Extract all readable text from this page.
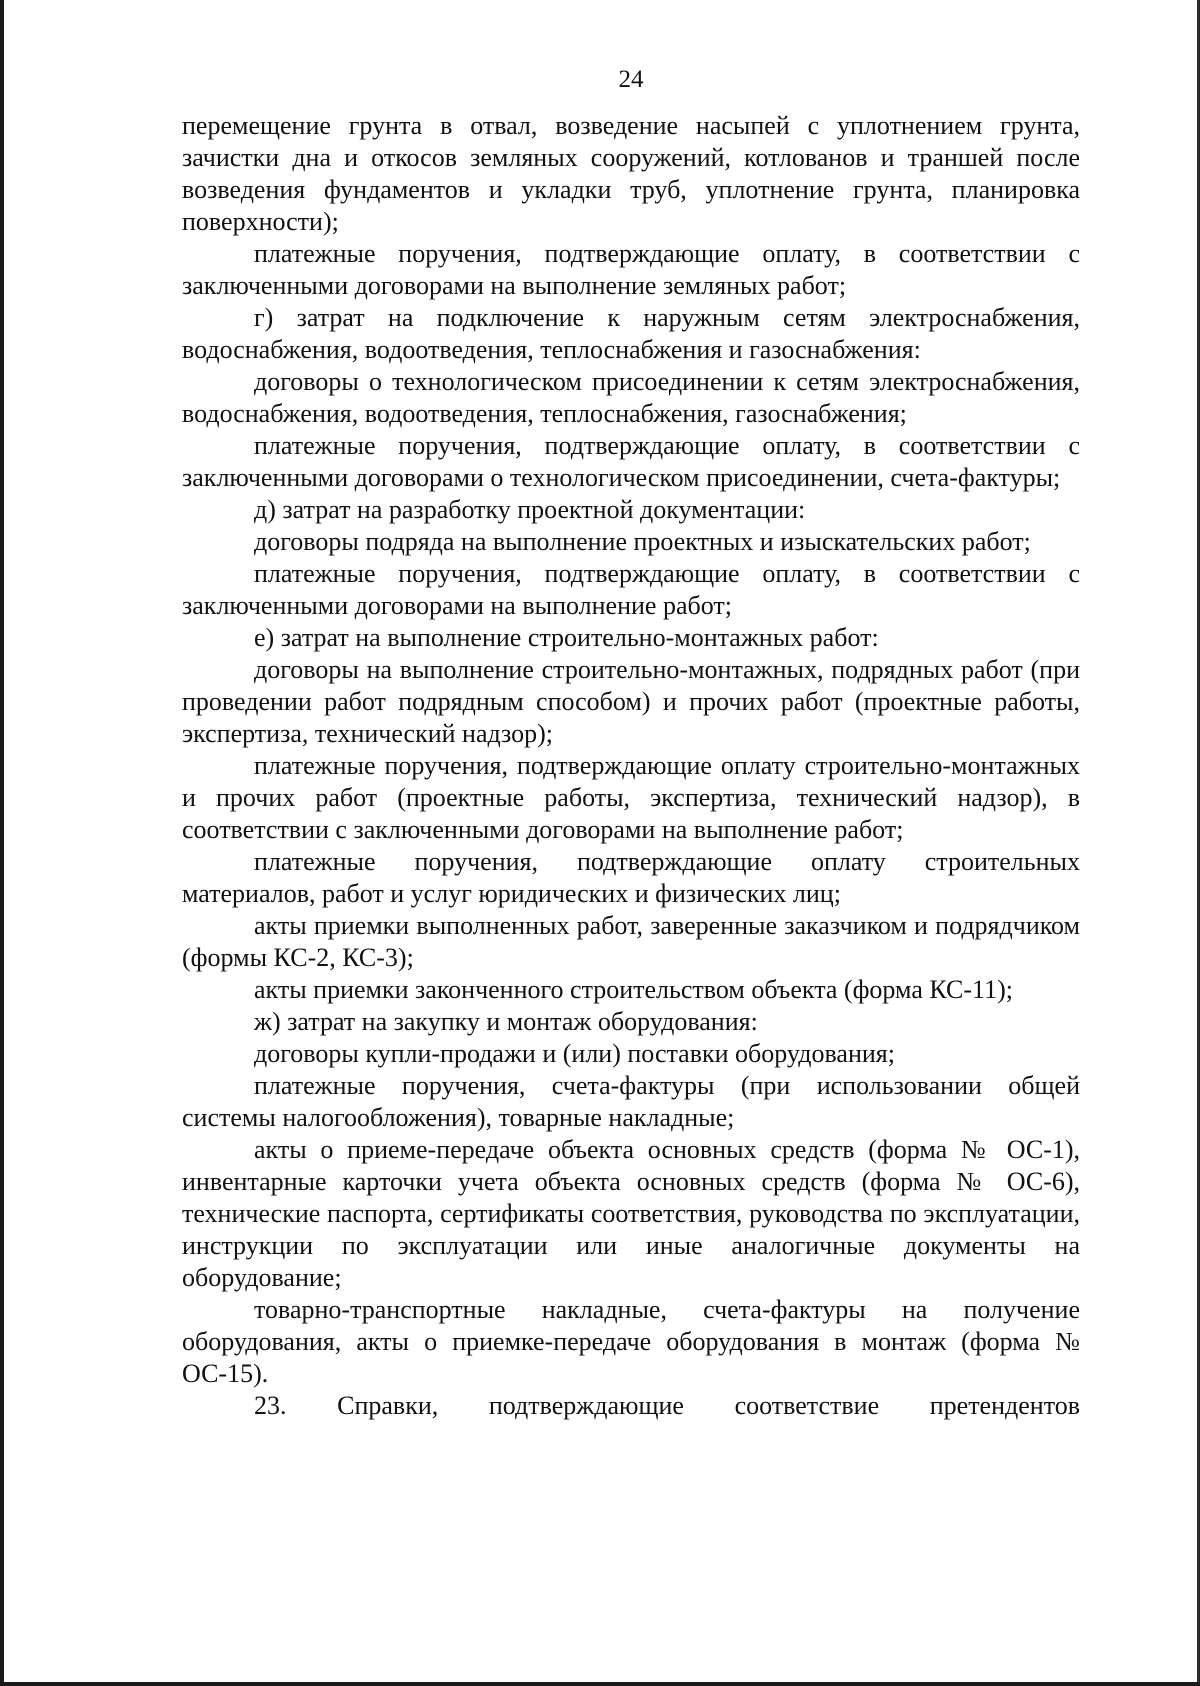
24

перемещение грунта в отвал, возведение насыпей с уплотнением грунта, зачистки дна и откосов земляных сооружений, котлованов и траншей после возведения фундаментов и укладки труб, уплотнение грунта, планировка поверхности);

платежные поручения, подтверждающие оплату, в соответствии с заключенными договорами на выполнение земляных работ;

г) затрат на подключение к наружным сетям электроснабжения, водоснабжения, водоотведения, теплоснабжения и газоснабжения:

договоры о технологическом присоединении к сетям электроснабжения, водоснабжения, водоотведения, теплоснабжения, газоснабжения;

платежные поручения, подтверждающие оплату, в соответствии с заключенными договорами о технологическом присоединении, счета-фактуры;

д) затрат на разработку проектной документации:

договоры подряда на выполнение проектных и изыскательских работ;

платежные поручения, подтверждающие оплату, в соответствии с заключенными договорами на выполнение работ;

е) затрат на выполнение строительно-монтажных работ:

договоры на выполнение строительно-монтажных, подрядных работ (при проведении работ подрядным способом) и прочих работ (проектные работы, экспертиза, технический надзор);

платежные поручения, подтверждающие оплату строительно-монтажных и прочих работ (проектные работы, экспертиза, технический надзор), в соответствии с заключенными договорами на выполнение работ;

платежные поручения, подтверждающие оплату строительных материалов, работ и услуг юридических и физических лиц;

акты приемки выполненных работ, заверенные заказчиком и подрядчиком (формы КС-2, КС-3);

акты приемки законченного строительством объекта (форма КС-11);

ж) затрат на закупку и монтаж оборудования:

договоры купли-продажи и (или) поставки оборудования;

платежные поручения, счета-фактуры (при использовании общей системы налогообложения), товарные накладные;

акты о приеме-передаче объекта основных средств (форма № ОС-1), инвентарные карточки учета объекта основных средств (форма № ОС-6), технические паспорта, сертификаты соответствия, руководства по эксплуатации, инструкции по эксплуатации или иные аналогичные документы на оборудование;

товарно-транспортные накладные, счета-фактуры на получение оборудования, акты о приемке-передаче оборудования в монтаж (форма № ОС-15).

23. Справки, подтверждающие соответствие претендентов
